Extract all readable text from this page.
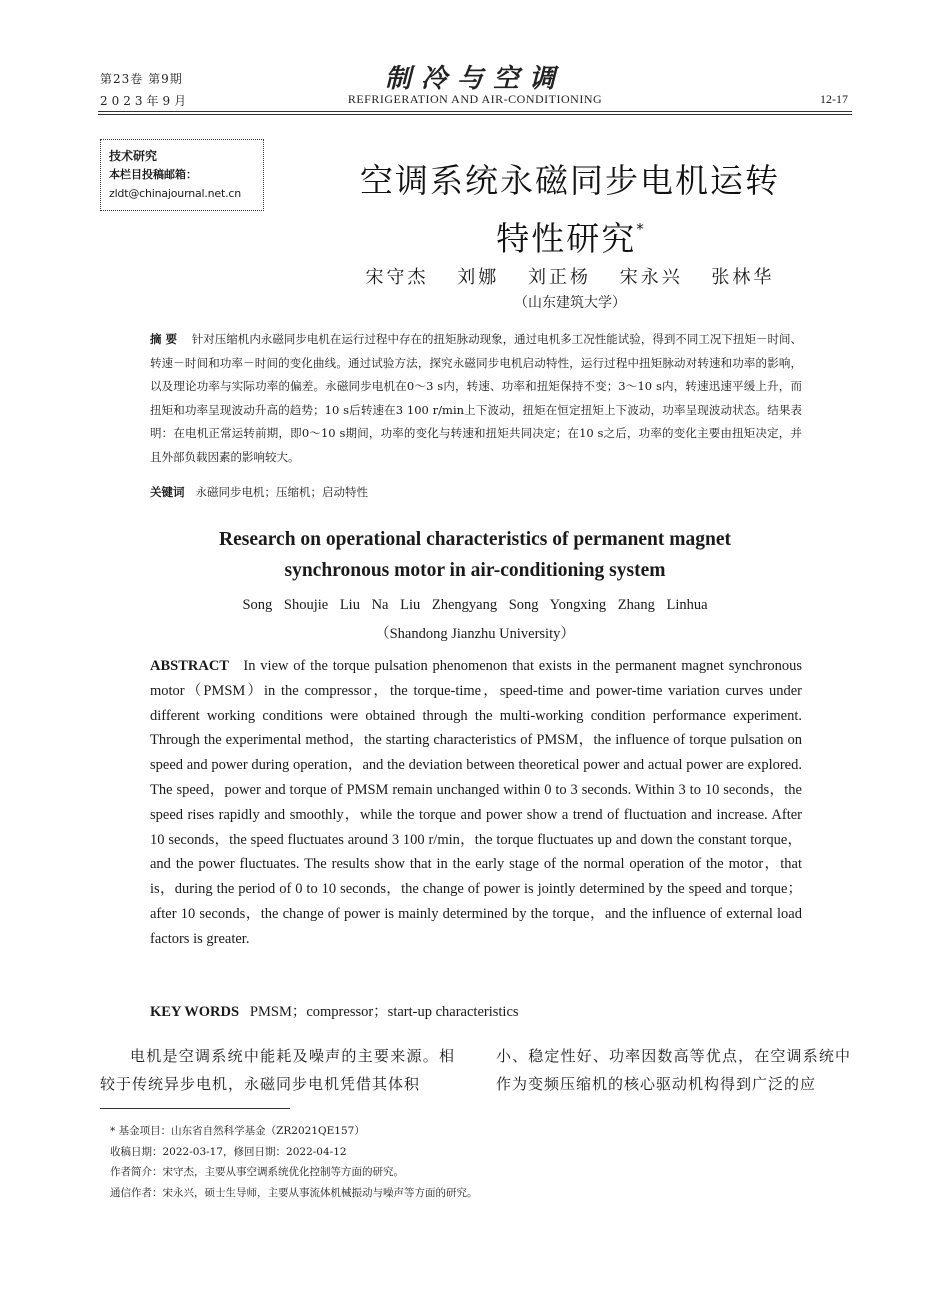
第23卷 第9期
2023年9月
制冷与空调
REFRIGERATION AND AIR-CONDITIONING	12-17
技术研究
本栏目投稿邮箱：
zldt@chinajournal.net.cn	空调系统永磁同步电机运转
特性研究*
宋守杰 刘娜 刘正杨 宋永兴 张林华
（山东建筑大学）
摘 要 针对压缩机内永磁同步电机在运行过程中存在的扭矩脉动现象，通过电机多工况性能试验，得到不同工况下扭矩－时间、转速－时间和功率－时间的变化曲线。通过试验方法，探究永磁同步电机启动特性，运行过程中扭矩脉动对转速和功率的影响，以及理论功率与实际功率的偏差。永磁同步电机在0～3 s内，转速、功率和扭矩保持不变；3～10 s内，转速迅速平缓上升，而扭矩和功率呈现波动升高的趋势；10 s后转速在3 100 r/min上下波动，扭矩在恒定扭矩上下波动，功率呈现波动状态。结果表明：在电机正常运转前期，即0～10 s期间，功率的变化与转速和扭矩共同决定；在10 s之后，功率的变化主要由扭矩决定，并且外部负载因素的影响较大。
关键词 永磁同步电机；压缩机；启动特性
Research on operational characteristics of permanent magnet
synchronous motor in air-conditioning system
Song Shoujie Liu Na Liu Zhengyang Song Yongxing Zhang Linhua
（Shandong Jianzhu University）
ABSTRACT In view of the torque pulsation phenomenon that exists in the permanent magnet synchronous motor（PMSM）in the compressor，the torque-time，speed-time and power-time variation curves under different working conditions were obtained through the multi-working condition performance experiment. Through the experimental method，the starting characteristics of PMSM，the influence of torque pulsation on speed and power during operation，and the deviation between theoretical power and actual power are explored. The speed，power and torque of PMSM remain unchanged within 0 to 3 seconds. Within 3 to 10 seconds，the speed rises rapidly and smoothly，while the torque and power show a trend of fluctuation and increase. After 10 seconds，the speed fluctuates around 3 100 r/min，the torque fluctuates up and down the constant torque，and the power fluctuates. The results show that in the early stage of the normal operation of the motor，that is，during the period of 0 to 10 seconds，the change of power is jointly determined by the speed and torque；after 10 seconds，the change of power is mainly determined by the torque，and the influence of external load factors is greater.
KEY WORDS PMSM；compressor；start-up characteristics
电机是空调系统中能耗及噪声的主要来源。相较于传统异步电机，永磁同步电机凭借其体积
小、稳定性好、功率因数高等优点，在空调系统中作为变频压缩机的核心驱动机构得到广泛的应
* 基金项目：山东省自然科学基金（ZR2021QE157）
收稿日期：2022-03-17，修回日期：2022-04-12
作者简介：宋守杰，主要从事空调系统优化控制等方面的研究。
通信作者：宋永兴，硕士生导师，主要从事流体机械振动与噪声等方面的研究。
